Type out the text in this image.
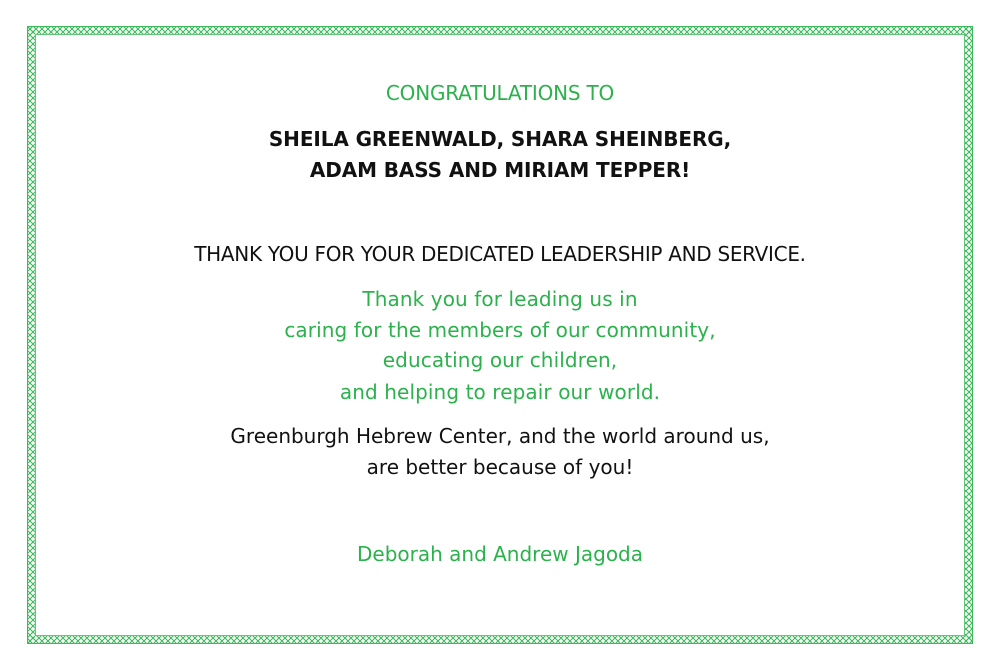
CONGRATULATIONS TO
SHEILA GREENWALD, SHARA SHEINBERG,
ADAM BASS AND MIRIAM TEPPER!
THANK YOU FOR YOUR DEDICATED LEADERSHIP AND SERVICE.
Thank you for leading us in
caring for the members of our community,
educating our children,
and helping to repair our world.
Greenburgh Hebrew Center, and the world around us,
are better because of you!
Deborah and Andrew Jagoda
